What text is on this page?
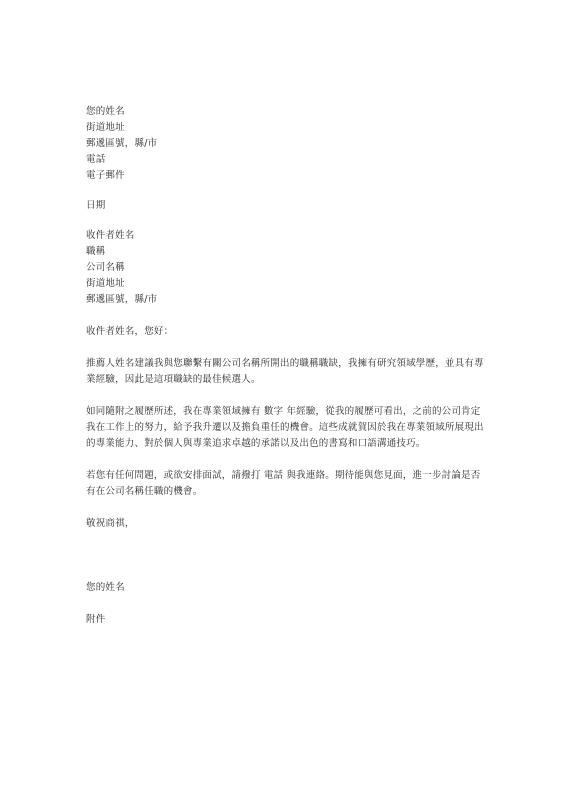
您的姓名
街道地址
郵遞區號，縣/市
電話
電子郵件
日期
收件者姓名
職稱
公司名稱
街道地址
郵遞區號，縣/市
收件者姓名，您好：
推薦人姓名建議我與您聯繫有關公司名稱所開出的職稱職缺，我擁有研究領域學歷，並具有專業經驗，因此是這項職缺的最佳候選人。
如同隨附之履歷所述，我在專業領域擁有 數字 年經驗，從我的履歷可看出，之前的公司肯定我在工作上的努力，給予我升遷以及擔負重任的機會。這些成就賀因於我在專業領域所展現出的專業能力、對於個人與專業追求卓越的承諾以及出色的書寫和口語溝通技巧。
若您有任何問題，或欲安排面試，請撥打 電話 與我連絡。期待能與您見面，進一步討論是否有在公司名稱任職的機會。
敬祝商祺，
您的姓名
附件
